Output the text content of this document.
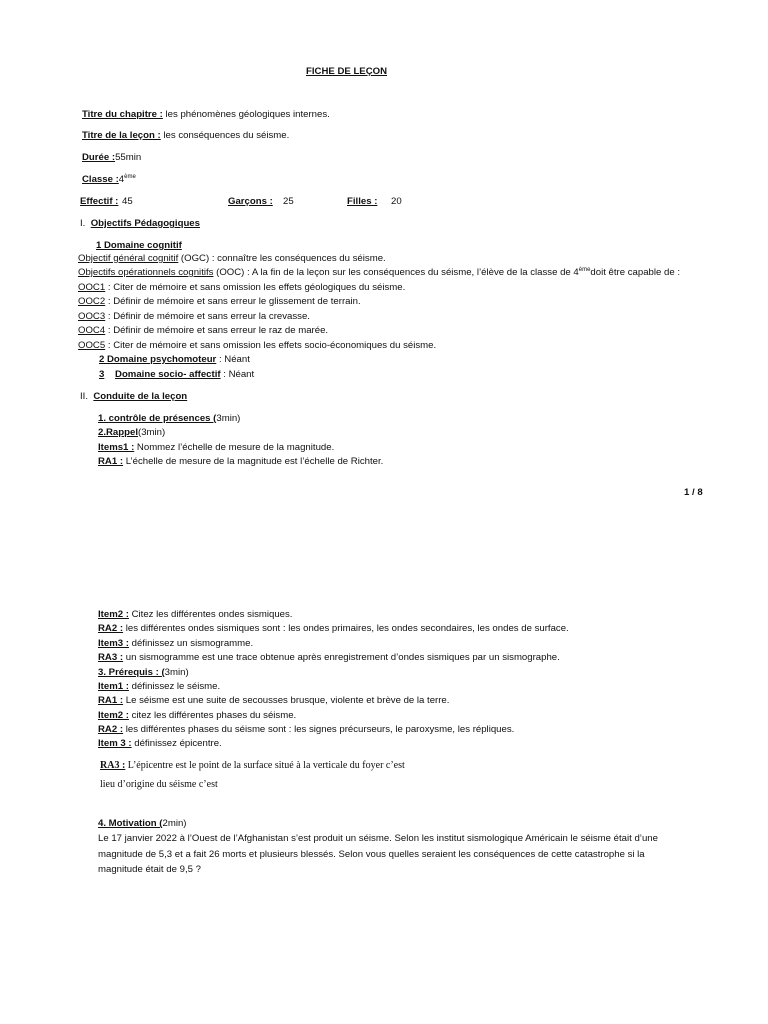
FICHE DE LEÇON
Titre du chapitre : les phénomènes géologiques internes.
Titre de la leçon : les conséquences du séisme.
Durée :55min
Classe :4ème
Effectif : 45	Garçons : 25	Filles : 20
I. Objectifs Pédagogiques
1 Domaine cognitif
Objectif général cognitif (OGC) : connaître les conséquences du séisme.
Objectifs opérationnels cognitifs (OOC) : A la fin de la leçon sur les conséquences du séisme, l’élève de la classe de 4èmedoit être capable de :
OOC1 : Citer de mémoire et sans omission les effets géologiques du séisme.
OOC2 : Définir de mémoire et sans erreur le glissement de terrain.
OOC3 : Définir de mémoire et sans erreur la crevasse.
OOC4 : Définir de mémoire et sans erreur le raz de marée.
OOC5 : Citer de mémoire et sans omission les effets socio-économiques du séisme.
2 Domaine psychomoteur : Néant
3 Domaine socio- affectif : Néant
II. Conduite de la leçon
1. contrôle de présences (3min)
2.Rappel(3min)
Items1 : Nommez l’échelle de mesure de la magnitude.
RA1 : L’échelle de mesure de la magnitude est l’échelle de Richter.
1 / 8
Item2 : Citez les différentes ondes sismiques.
RA2 : les différentes ondes sismiques sont : les ondes primaires, les ondes secondaires, les ondes de surface.
Item3 : définissez un sismogramme.
RA3 : un sismogramme est une trace obtenue après enregistrement d’ondes sismiques par un sismographe.
3. Prérequis : (3min)
Item1 : définissez le séisme.
RA1 : Le séisme est une suite de secousses brusque, violente et brève de la terre.
Item2 : citez les différentes phases du séisme.
RA2 : les différentes phases du séisme sont : les signes précurseurs, le paroxysme, les répliques.
Item 3 : définissez épicentre.
RA3 : L’épicentre est le point de la surface situé à la verticale du foyer c’est
lieu d’origine du séisme c’est
4. Motivation (2min)
Le 17 janvier 2022 à l’Ouest de l’Afghanistan s’est produit un séisme. Selon les institut sismologique Américain le séisme était d’une
magnitude de 5,3 et a fait 26 morts et plusieurs blessés. Selon vous quelles seraient les conséquences de cette catastrophe si la
magnitude était de 9,5 ?
